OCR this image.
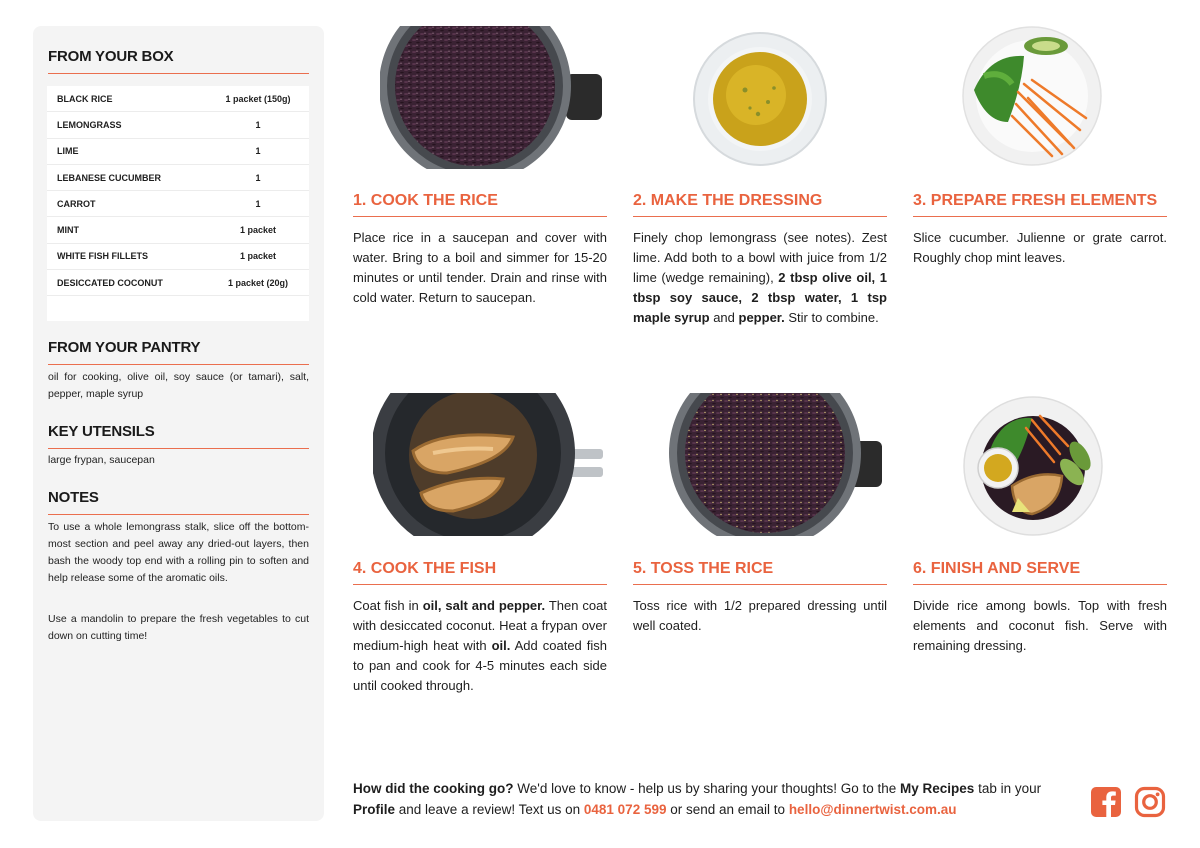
FROM YOUR BOX
BLACK RICE	1 packet (150g)
LEMONGRASS	1
LIME	1
LEBANESE CUCUMBER	1
CARROT	1
MINT	1 packet
WHITE FISH FILLETS	1 packet
DESICCATED COCONUT	1 packet (20g)
FROM YOUR PANTRY
oil for cooking, olive oil, soy sauce (or tamari), salt, pepper, maple syrup
KEY UTENSILS
large frypan, saucepan
NOTES
To use a whole lemongrass stalk, slice off the bottom-most section and peel away any dried-out layers, then bash the woody top end with a rolling pin to soften and help release some of the aromatic oils.
Use a mandolin to prepare the fresh vegetables to cut down on cutting time!
1. COOK THE RICE	2. MAKE THE DRESSING	3. PREPARE FRESH ELEMENTS
4. COOK THE FISH	5. TOSS THE RICE	6. FINISH AND SERVE
Place rice in a saucepan and cover with water. Bring to a boil and simmer for 15-20 minutes or until tender. Drain and rinse with cold water. Return to saucepan.
Finely chop lemongrass (see notes). Zest lime. Add both to a bowl with juice from 1/2 lime (wedge remaining), 2 tbsp olive oil, 1 tbsp soy sauce, 2 tbsp water, 1 tsp maple syrup and pepper. Stir to combine.
Slice cucumber. Julienne or grate carrot. Roughly chop mint leaves.
Coat fish in oil, salt and pepper. Then coat with desiccated coconut. Heat a frypan over medium-high heat with oil. Add coated fish to pan and cook for 4-5 minutes each side until cooked through.
Toss rice with 1/2 prepared dressing until well coated.
Divide rice among bowls. Top with fresh elements and coconut fish. Serve with remaining dressing.
How did the cooking go? We'd love to know - help us by sharing your thoughts! Go to the My Recipes tab in your Profile and leave a review! Text us on 0481 072 599 or send an email to hello@dinnertwist.com.au
